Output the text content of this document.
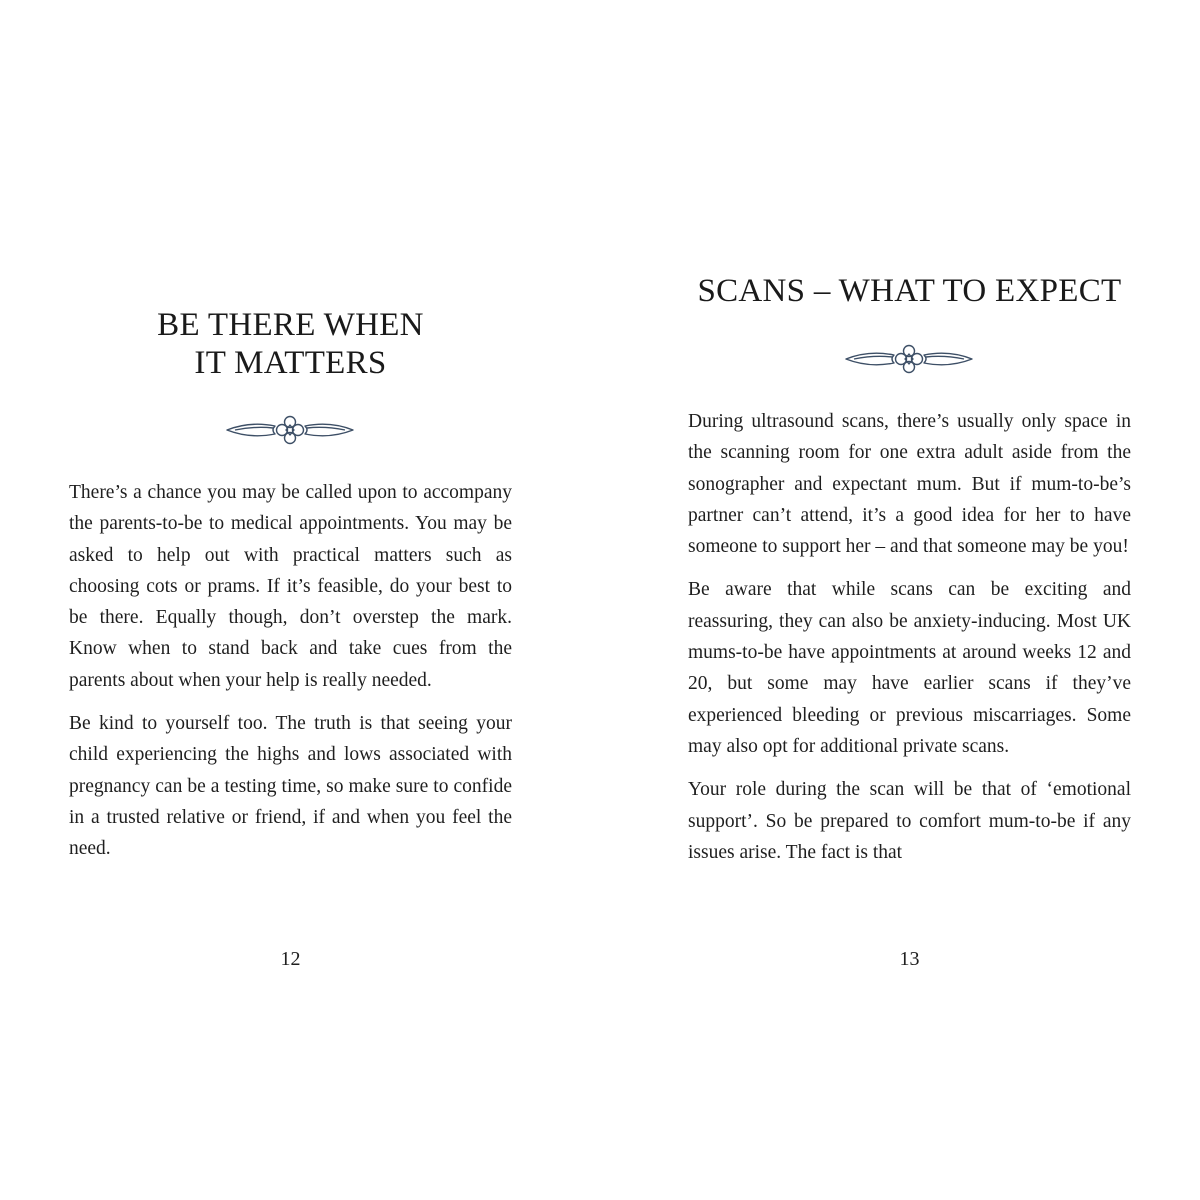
BE THERE WHEN
IT MATTERS

There’s a chance you may be called upon to accompany the parents-to-be to medical appointments. You may be asked to help out with practical matters such as choosing cots or prams. If it’s feasible, do your best to be there. Equally though, don’t overstep the mark. Know when to stand back and take cues from the parents about when your help is really needed.

Be kind to yourself too. The truth is that seeing your child experiencing the highs and lows associated with pregnancy can be a testing time, so make sure to confide in a trusted relative or friend, if and when you feel the need.

12
SCANS – WHAT TO EXPECT

During ultrasound scans, there’s usually only space in the scanning room for one extra adult aside from the sonographer and expectant mum. But if mum-to-be’s partner can’t attend, it’s a good idea for her to have someone to support her – and that someone may be you!

Be aware that while scans can be exciting and reassuring, they can also be anxiety-inducing. Most UK mums-to-be have appointments at around weeks 12 and 20, but some may have earlier scans if they’ve experienced bleeding or previous miscarriages. Some may also opt for additional private scans.

Your role during the scan will be that of ‘emotional support’. So be prepared to comfort mum-to-be if any issues arise. The fact is that

13
